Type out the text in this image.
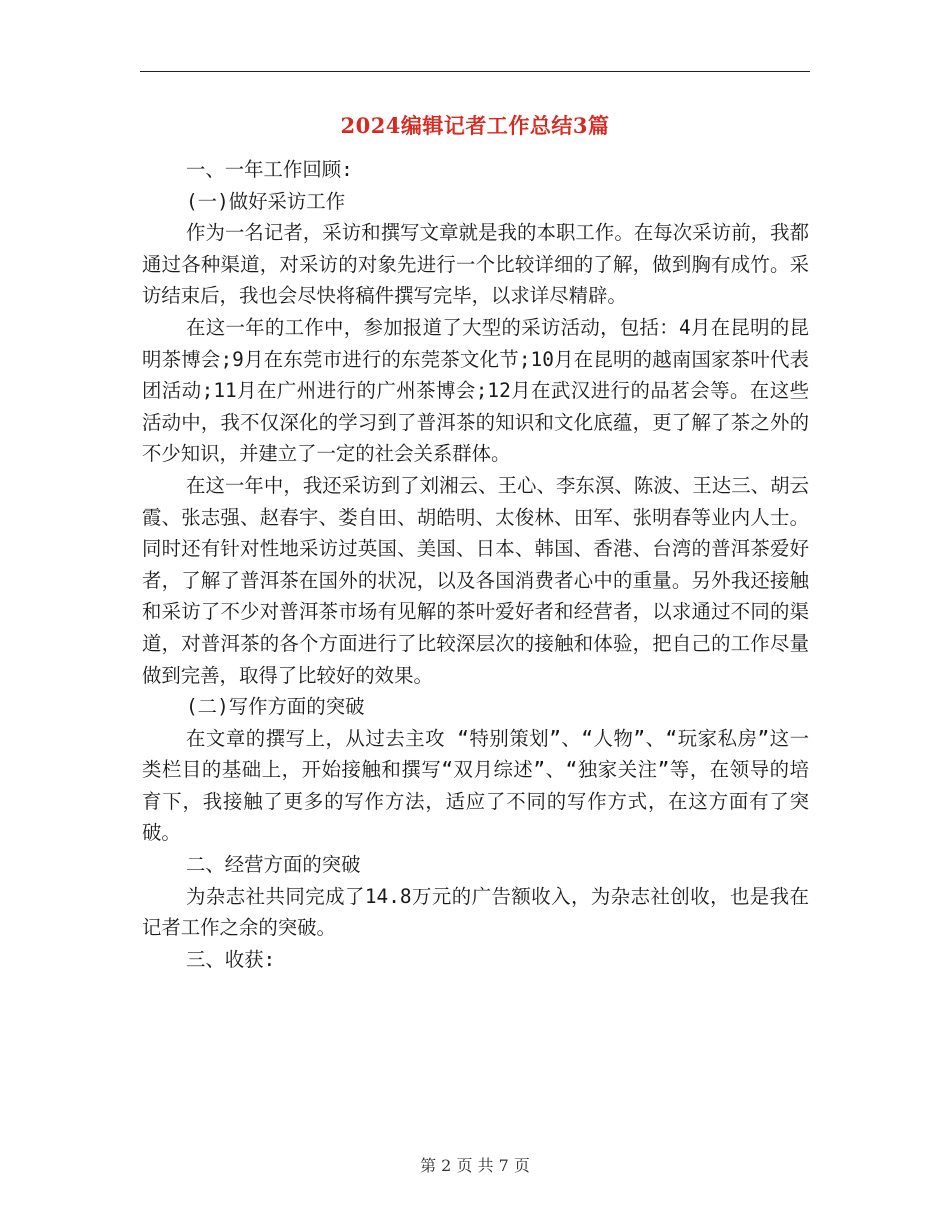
2024编辑记者工作总结3篇

一、一年工作回顾:

(一)做好采访工作

作为一名记者，采访和撰写文章就是我的本职工作。在每次采访前，我都通过各种渠道，对采访的对象先进行一个比较详细的了解，做到胸有成竹。采访结束后，我也会尽快将稿件撰写完毕，以求详尽精辟。

在这一年的工作中，参加报道了大型的采访活动，包括：4月在昆明的昆明茶博会;9月在东莞市进行的东莞茶文化节;10月在昆明的越南国家茶叶代表团活动;11月在广州进行的广州茶博会;12月在武汉进行的品茗会等。在这些活动中，我不仅深化的学习到了普洱茶的知识和文化底蕴，更了解了茶之外的不少知识，并建立了一定的社会关系群体。

在这一年中，我还采访到了刘湘云、王心、李东溟、陈波、王达三、胡云霞、张志强、赵春宇、娄自田、胡皓明、太俊林、田军、张明春等业内人士。同时还有针对性地采访过英国、美国、日本、韩国、香港、台湾的普洱茶爱好者，了解了普洱茶在国外的状况，以及各国消费者心中的重量。另外我还接触和采访了不少对普洱茶市场有见解的茶叶爱好者和经营者，以求通过不同的渠道，对普洱茶的各个方面进行了比较深层次的接触和体验，把自己的工作尽量做到完善，取得了比较好的效果。

(二)写作方面的突破

在文章的撰写上，从过去主攻 “特别策划”、“人物”、“玩家私房”这一类栏目的基础上，开始接触和撰写“双月综述”、“独家关注”等，在领导的培育下，我接触了更多的写作方法，适应了不同的写作方式，在这方面有了突破。

二、经营方面的突破

为杂志社共同完成了14.8万元的广告额收入，为杂志社创收，也是我在记者工作之余的突破。

三、收获:

第 2 页 共 7 页
